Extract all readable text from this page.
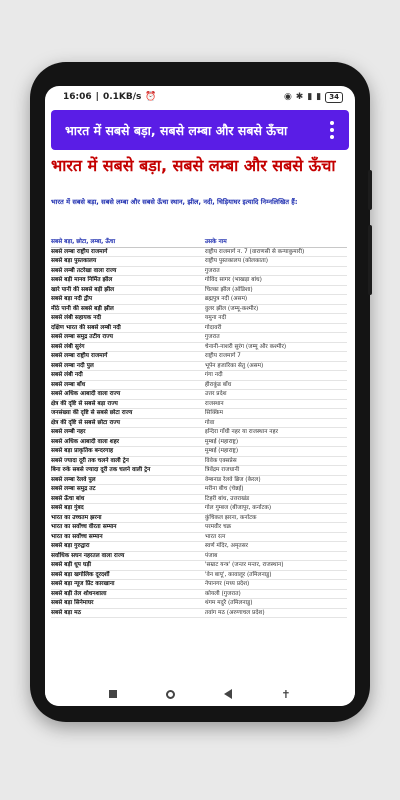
16:06 | 0.1KB/s ⏰	◉ ✱ ▮ ▮	34
भारत में सबसे बड़ा, सबसे लम्बा और सबसे ऊँचा
भारत में सबसे बड़ा, सबसे लम्बा और सबसे ऊँचा
भारत में सबसे बड़ा, सबसे लम्बा और सबसे ऊँचा स्थान, झील, नदी, चिड़ियाघर इत्यादि निम्नलिखित हैं:
सबसे बड़ा, छोटा, लम्बा, ऊँचा	उसके नाम
सबसे लम्बा राष्ट्रीय राजमार्ग	राष्ट्रीय राजमार्ग न. 7 (वाराणसी से कन्याकुमारी)
सबसे बड़ा पुस्तकालय	राष्ट्रीय पुस्तकालय (कोलकाता)
सबसे लम्बी तटरेखा वाला राज्य	गुजरात
सबसे बड़ी मानव निर्मित झील	गोविंद सागर (भाखड़ा बांध)
खारे पानी की सबसे बड़ी झील	चिल्का झील (ओडिशा)
सबसे बड़ा नदी द्वीप	ब्रह्मपुत्र नदी (असम)
मीठे पानी की सबसे बड़ी झील	वुलर झील (जम्मू-कश्मीर)
सबसे लंबी सहायक नदी	यमुना नदी
दक्षिण भारत की सबसे लम्बी नदी	गोदावरी
सबसे लम्बा समुद्र तटीय राज्य	गुजरात
सबसे लंबी सुरंग	चेनानी-नाशरी सुरंग (जम्मू और कश्मीर)
सबसे लम्बा राष्ट्रीय राजमार्ग	राष्ट्रीय राजमार्ग 7
सबसे लम्बा नदी पुल	भूपेन हजारिका सेतु (असम)
सबसे लंबी नदी	गंगा नदी
सबसे लम्बा बाँध	हीराकुंड बाँध
सबसे अधिक आबादी वाला राज्य	उत्तर प्रदेश
क्षेत्र की दृष्टि से सबसे बड़ा राज्य	राजस्थान
जनसंख्या की दृष्टि से सबसे छोटा राज्य	सिक्किम
क्षेत्र की दृष्टि से सबसे छोटा राज्य	गोवा
सबसे लम्बी नहर	इन्दिरा गाँधी नहर या राजस्थान नहर
सबसे अधिक आबादी वाला शहर	मुम्बई (महाराष्ट्र)
सबसे बड़ा प्राकृतिक बन्दरगाह	मुम्बई (महाराष्ट्र)
सबसे ज्यादा दूरी तक चलने वाली ट्रेन	विवेक एक्सप्रेस
बिना रुके सबसे ज्यादा दूरी तक चलने वाली ट्रेन	त्रिवेंद्रम राजधानी
सबसे लम्बा रेलवे पुल	वेम्बनाड रेलवे ब्रिज (केरल)
सबसे लम्बा समुद्र तट	मरीना बीच (चेन्नई)
सबसे ऊँचा बांध	टिहरी बांध, उत्तराखंड
सबसे बड़ा गुंबद	गोल गुम्बज (बीजापुर, कर्नाटक)
भारत का उच्चतम झरना	कुंचिकल झरना, कर्नाटक
भारत का सर्वोच्च वीरता सम्मान	परमवीर चक्र
भारत का सर्वोच्च सम्मान	भारत रत्न
सबसे बड़ा गुरुद्वारा	स्वर्ण मंदिर, अमृतसर
सर्वाधिक सघन नहरतल वाला राज्य	पंजाब
सबसे बड़ी धूप घड़ी	'सम्राट यन्त्र' (जन्तर मन्तर, राजस्थान)
सबसे बड़ा खगोलिक दूरदर्शी	'वेन बापू', कावालूर (तमिलनाडु)
सबसे बड़ा न्यूज प्रिंट कारखाना	नेपानगर (मध्य प्रदेश)
सबसे बड़ी तेल शोधनशाला	कोयली (गुजरात)
सबसे बड़ा सिनेमाघर	थंगम मदुरै (तमिलनाडु)
सबसे बड़ा मठ	तवांग मठ (अरुणाचल प्रदेश)
✝
